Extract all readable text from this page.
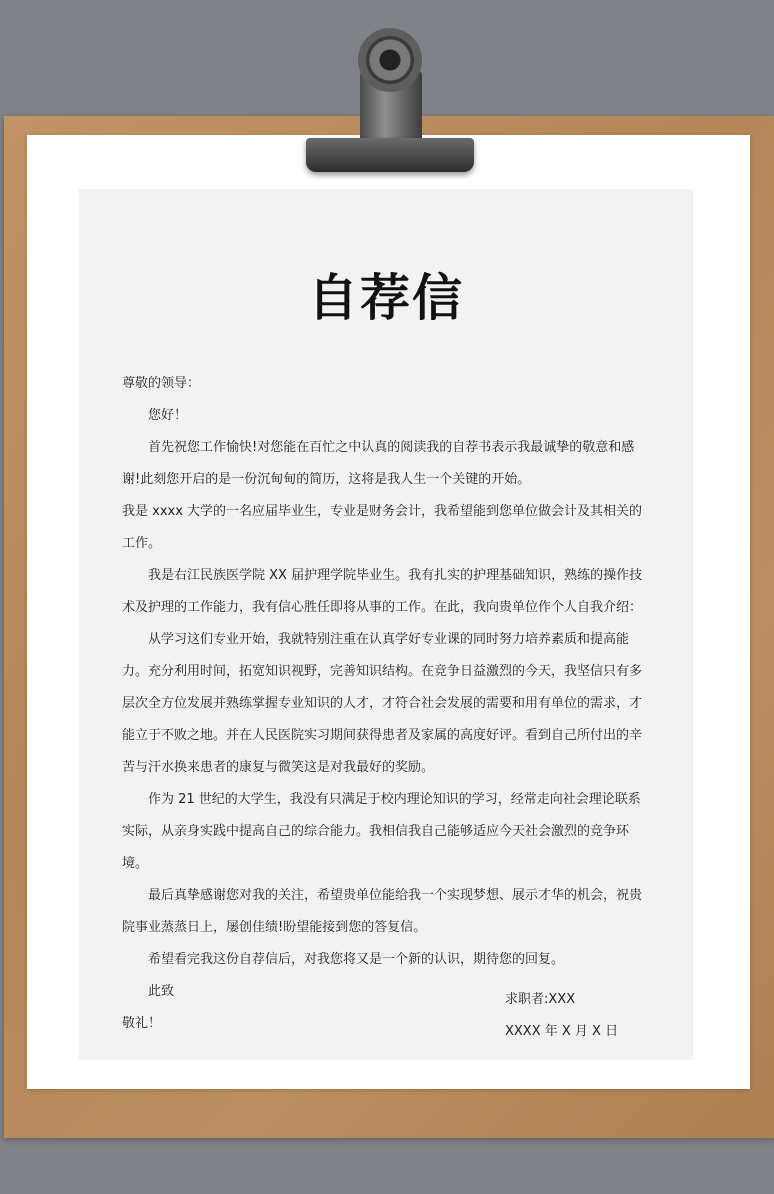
自荐信

尊敬的领导：

您好！

首先祝您工作愉快!对您能在百忙之中认真的阅读我的自荐书表示我最诚挚的敬意和感谢!此刻您开启的是一份沉甸甸的简历，这将是我人生一个关键的开始。

我是 xxxx 大学的一名应届毕业生，专业是财务会计，我希望能到您单位做会计及其相关的工作。

我是右江民族医学院 XX 届护理学院毕业生。我有扎实的护理基础知识，熟练的操作技术及护理的工作能力，我有信心胜任即将从事的工作。在此，我向贵单位作个人自我介绍：

从学习这们专业开始，我就特别注重在认真学好专业课的同时努力培养素质和提高能力。充分利用时间，拓宽知识视野，完善知识结构。在竞争日益激烈的今天，我坚信只有多层次全方位发展并熟练掌握专业知识的人才，才符合社会发展的需要和用有单位的需求，才能立于不败之地。并在人民医院实习期间获得患者及家属的高度好评。看到自己所付出的辛苦与汗水换来患者的康复与微笑这是对我最好的奖励。

作为 21 世纪的大学生，我没有只满足于校内理论知识的学习，经常走向社会理论联系实际，从亲身实践中提高自己的综合能力。我相信我自己能够适应今天社会激烈的竞争环境。

最后真挚感谢您对我的关注，希望贵单位能给我一个实现梦想、展示才华的机会，祝贵院事业蒸蒸日上，屡创佳绩!盼望能接到您的答复信。

希望看完我这份自荐信后，对我您将又是一个新的认识，期待您的回复。

此致

敬礼！

求职者:XXX
XXXX 年 X 月 X 日
